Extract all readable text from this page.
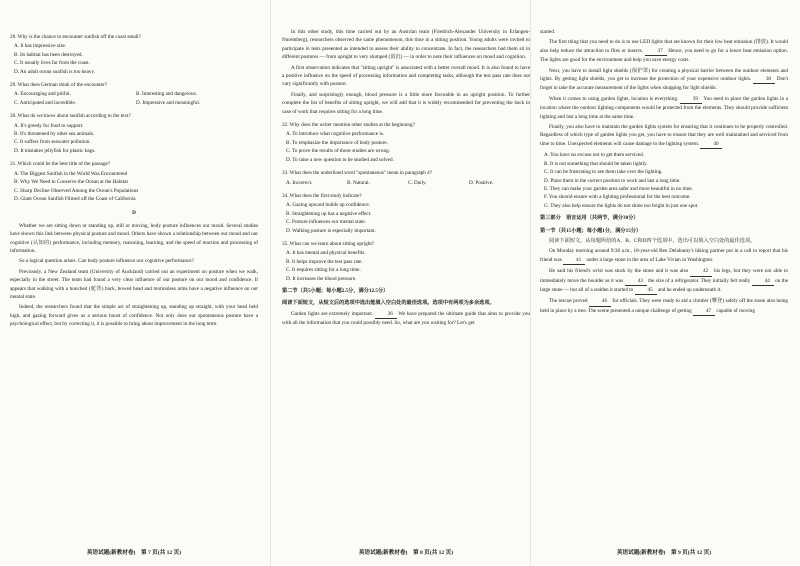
28. Why is the chance to encounter sunfish off the coast small?
A. It has impressive size.
B. Its habitat has been destroyed.
C. It usually lives far from the coast.
D. An adult ocean sunfish is too heavy.
29. What does German think of the encounter?
A. Encouraging and pitiful.	B. Interesting and dangerous.
C. Anticipated and incredible.	D. Impressive and meaningful.
30. What do we know about sunfish according to the text?
A. It's greedy for food to support.
B. It's threatened by other sea animals.
C. It suffers from seawater pollution.
D. It mistakes jellyfish for plastic bags.
31. Which could be the best title of the passage?
A. The Biggest Sunfish in the World Was Encountered
B. Why We Need to Conserve the Ocean at the Habitat
C. Sharp Decline Observed Among the Ocean's Populations
D. Giant Ocean Sunfish Filmed off the Coast of California
D

Whether we are sitting down or standing up, still or moving, body posture influences our mood. Several studies have shown this link between physical posture and mood. Others have shown a relationship between our mood and our cognitive (认知的) performance, including memory, reasoning, learning, and the speed of reaction and processing of information.

So a logical question arises. Can body posture influence our cognitive performance?

Previously, a New Zealand team (University of Auckland) carried out an experiment on posture when we walk, especially in the street. The team had found a very clear influence of our posture on our mood and confidence. It appears that walking with a hunched (驼背) back, bowed head and motionless arms have a negative influence on our mental state.

Indeed, the researchers found that the simple act of straightening up, standing up straight, with your head held high, and gazing forward gives us a serious boost of confidence. Not only does our spontaneous posture have a psychological effect, but by correcting it, it is possible to bring about improvement in the long term.

In this other study, this time carried out by an Austrian team (Friedrich-Alexander University in Erlangen-Nuremberg), researchers observed the same phenomenon, this time in a sitting position. Young adults were invited to participate in tests presented as intended to assess their ability to concentrate. In fact, the researchers had them sit in different postures — from upright to very slumped (消沉) — in order to note their influences on mood and cognition.

A first observation indicates that "sitting upright" is associated with a better overall mood. It is also found to have a positive influence on the speed of processing information and completing tasks, although the test pass rate does not vary significantly with posture.

Finally, and surprisingly enough, blood pressure is a little more favorable in an upright position. To further complete the list of benefits of sitting upright, we will add that it is widely recommended for preventing the back in case of work that requires sitting for a long time.

32. Why does the writer mention other studies at the beginning?
A. To introduce what cognitive performance is.
B. To emphasize the importance of body posture.
C. To prove the results of those studies are wrong.
D. To raise a new question to be studied and solved.
33. What does the underlined word "spontaneous" mean in paragraph 4?
A. Incorrect.	B. Natural.	C. Daily.	D. Positive.
34. What does the first study indicate?
A. Gazing upward builds up confidence.
B. Straightening up has a negative effect.
C. Posture influences our mental state.
D. Walking posture is especially important.
35. What can we learn about sitting upright?
A. It has mental and physical benefits.
B. It helps improve the test pass rate.
C. It requires sitting for a long time.
D. It increases the blood pressure.
第二节（共5小题；每小题2.5分，满分12.5分）
阅读下面短文，从短文后的选项中选出能填入空白处的最佳选项。选项中有两项为多余选项。

Garden lights are extremely important.	36 We have prepared the ultimate guide that aims to provide you with all the information that you could possibly need. So, what are you waiting for? Let's get

started.

The first thing that you need to do is to use LED lights that are known for their low heat emission (排放). It would also help reduce the attraction to flies or insects.	37 Hence, you need to go for a lower heat emission option. The lights are good for the environment and help you save energy costs.

Next, you have to install light shields (保护罩) for creating a physical barrier between the outdoor elements and lights. By getting light shields, you get to increase the protection of your expensive outdoor lights.	38 Don't forget to take the accurate measurement of the lights when shopping for light shields.

When it comes to using garden lights, location is everything.	39 You need to place the garden lights in a location where the outdoor lighting components would be protected from the elements. They should provide sufficient lighting and last a long time at the same time.

Finally, you also have to maintain the garden lights system for ensuring that it continues to be properly controlled. Regardless of which type of garden lights you get, you have to ensure that they are well maintained and serviced from time to time. Unexpected elements will cause damage to the lighting system.	40

A. You have no excuse not to get them serviced.
B. It is not something that should be taken lightly.
C. It can be frustrating to see them take over the lighting.
D. Place them in the correct position to work and last a long time.
E. They can make your garden area safer and more beautiful in no time.
F. You should ensure with a lighting professional for the best outcome.
G. They also help ensure the lights do not shine too bright in just one spot.
第三部分　语言运用（共两节，满分30分）
第一节（共15小题；每小题1分，满分15分）
阅读下面短文，从每题所给的A、B、C和D四个选项中，选出可以填入空白处的最佳选项。

On Monday morning around 9:30 a.m., 18-year-old Ben Delahunty's hiking partner put in a call to report that his friend was	41 under a large stone in the area of Lake Vivian in Washington.

He said his friend's wrist was stuck by the stone and it was also	42 his legs, but they were not able to immediately move the boulder as it was	43 the size of a refrigerator. They initially felt really	44 on the large stone — but all of a sudden it started to	45 and he ended up underneath it.

The rescue proved	46 for officials. They were ready to aid a climber (攀登) safely off the stone also being held in place by a tree. The scene presented a unique challenge of getting	47 capable of moving

英语试题(新教材卷)　第 7 页(共 12 页)	英语试题(新教材卷)　第 8 页(共 12 页)	英语试题(新教材卷)　第 9 页(共 12 页)
